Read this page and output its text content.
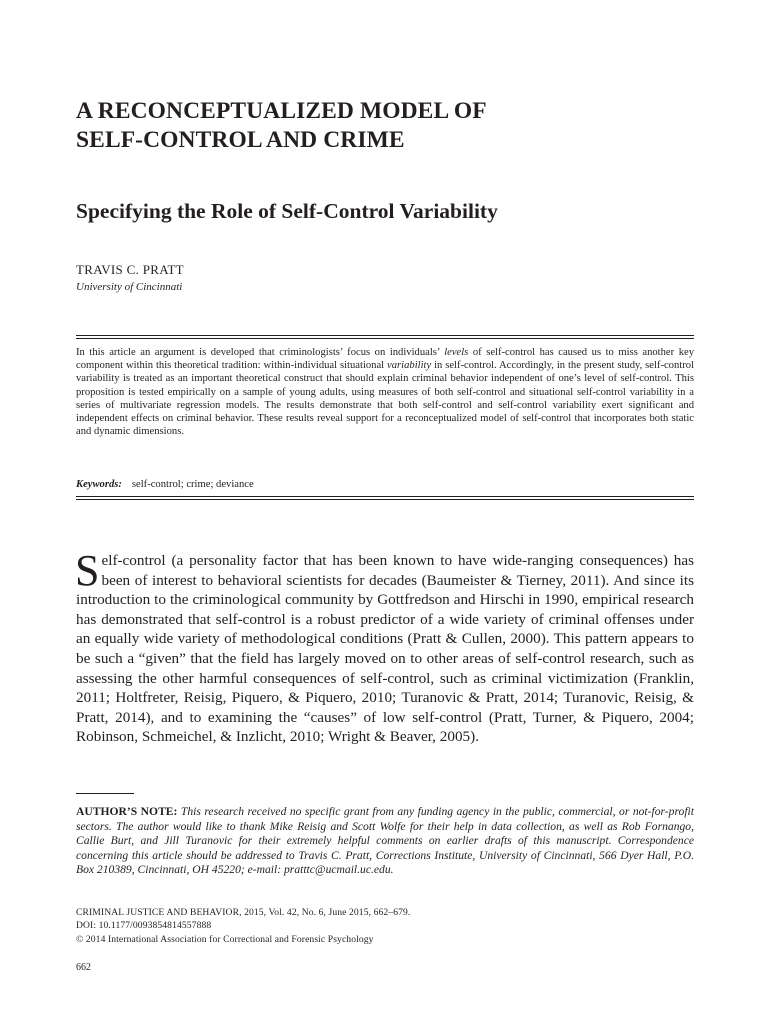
A RECONCEPTUALIZED MODEL OF
SELF-CONTROL AND CRIME
Specifying the Role of Self-Control Variability
TRAVIS C. PRATT
University of Cincinnati

In this article an argument is developed that criminologists’ focus on individuals’ levels of self-control has caused us to miss another key component within this theoretical tradition: within-individual situational variability in self-control. Accordingly, in the present study, self-control variability is treated as an important theoretical construct that should explain criminal behavior independent of one’s level of self-control. This proposition is tested empirically on a sample of young adults, using measures of both self-control and situational self-control variability in a series of multivariate regression models. The results demonstrate that both self-control and self-control variability exert significant and independent effects on criminal behavior. These results reveal support for a reconceptualized model of self-control that incorporates both static and dynamic dimensions.

Keywords: self-control; crime; deviance

Self-control (a personality factor that has been known to have wide-ranging consequences) has been of interest to behavioral scientists for decades (Baumeister & Tierney, 2011). And since its introduction to the criminological community by Gottfredson and Hirschi in 1990, empirical research has demonstrated that self-control is a robust predictor of a wide variety of criminal offenses under an equally wide variety of methodological conditions (Pratt & Cullen, 2000). This pattern appears to be such a “given” that the field has largely moved on to other areas of self-control research, such as assessing the other harmful consequences of self-control, such as criminal victimization (Franklin, 2011; Holtfreter, Reisig, Piquero, & Piquero, 2010; Turanovic & Pratt, 2014; Turanovic, Reisig, & Pratt, 2014), and to examining the “causes” of low self-control (Pratt, Turner, & Piquero, 2004; Robinson, Schmeichel, & Inzlicht, 2010; Wright & Beaver, 2005).

AUTHOR’S NOTE: This research received no specific grant from any funding agency in the public, commercial, or not-for-profit sectors. The author would like to thank Mike Reisig and Scott Wolfe for their help in data collection, as well as Rob Fornango, Callie Burt, and Jill Turanovic for their extremely helpful comments on earlier drafts of this manuscript. Correspondence concerning this article should be addressed to Travis C. Pratt, Corrections Institute, University of Cincinnati, 566 Dyer Hall, P.O. Box 210389, Cincinnati, OH 45220; e-mail: pratttc@ucmail.uc.edu.

CRIMINAL JUSTICE AND BEHAVIOR, 2015, Vol. 42, No. 6, June 2015, 662–679.
DOI: 10.1177/0093854814557888
© 2014 International Association for Correctional and Forensic Psychology
662
